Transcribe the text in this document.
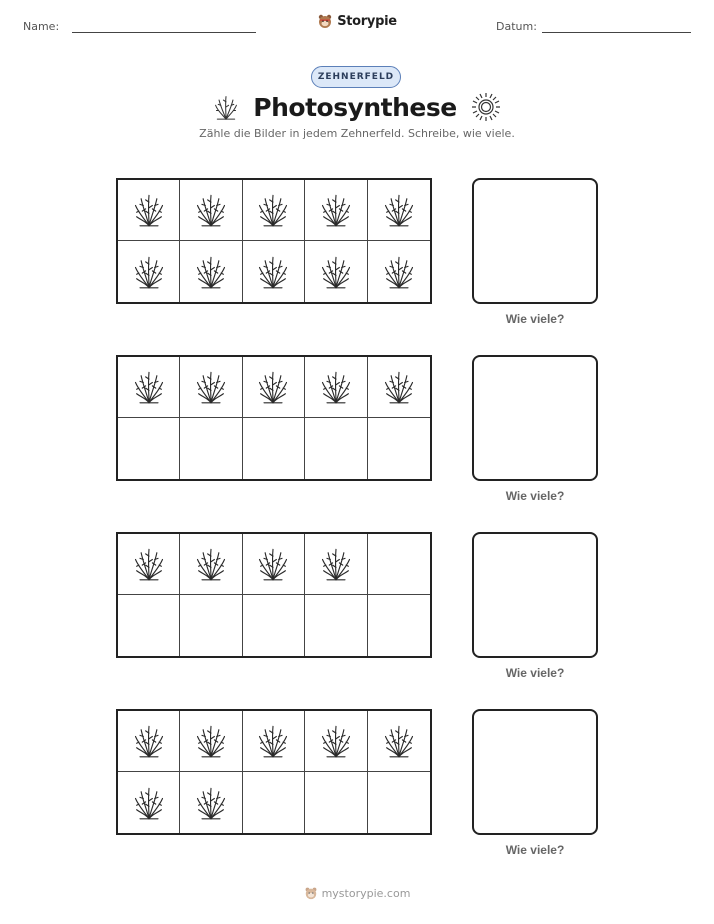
Name:	Storypie	Datum:
ZEHNERFELD
Photosynthese
Zähle die Bilder in jedem Zehnerfeld. Schreibe, wie viele.
Wie viele?
Wie viele?
Wie viele?
Wie viele?
mystorypie.com
